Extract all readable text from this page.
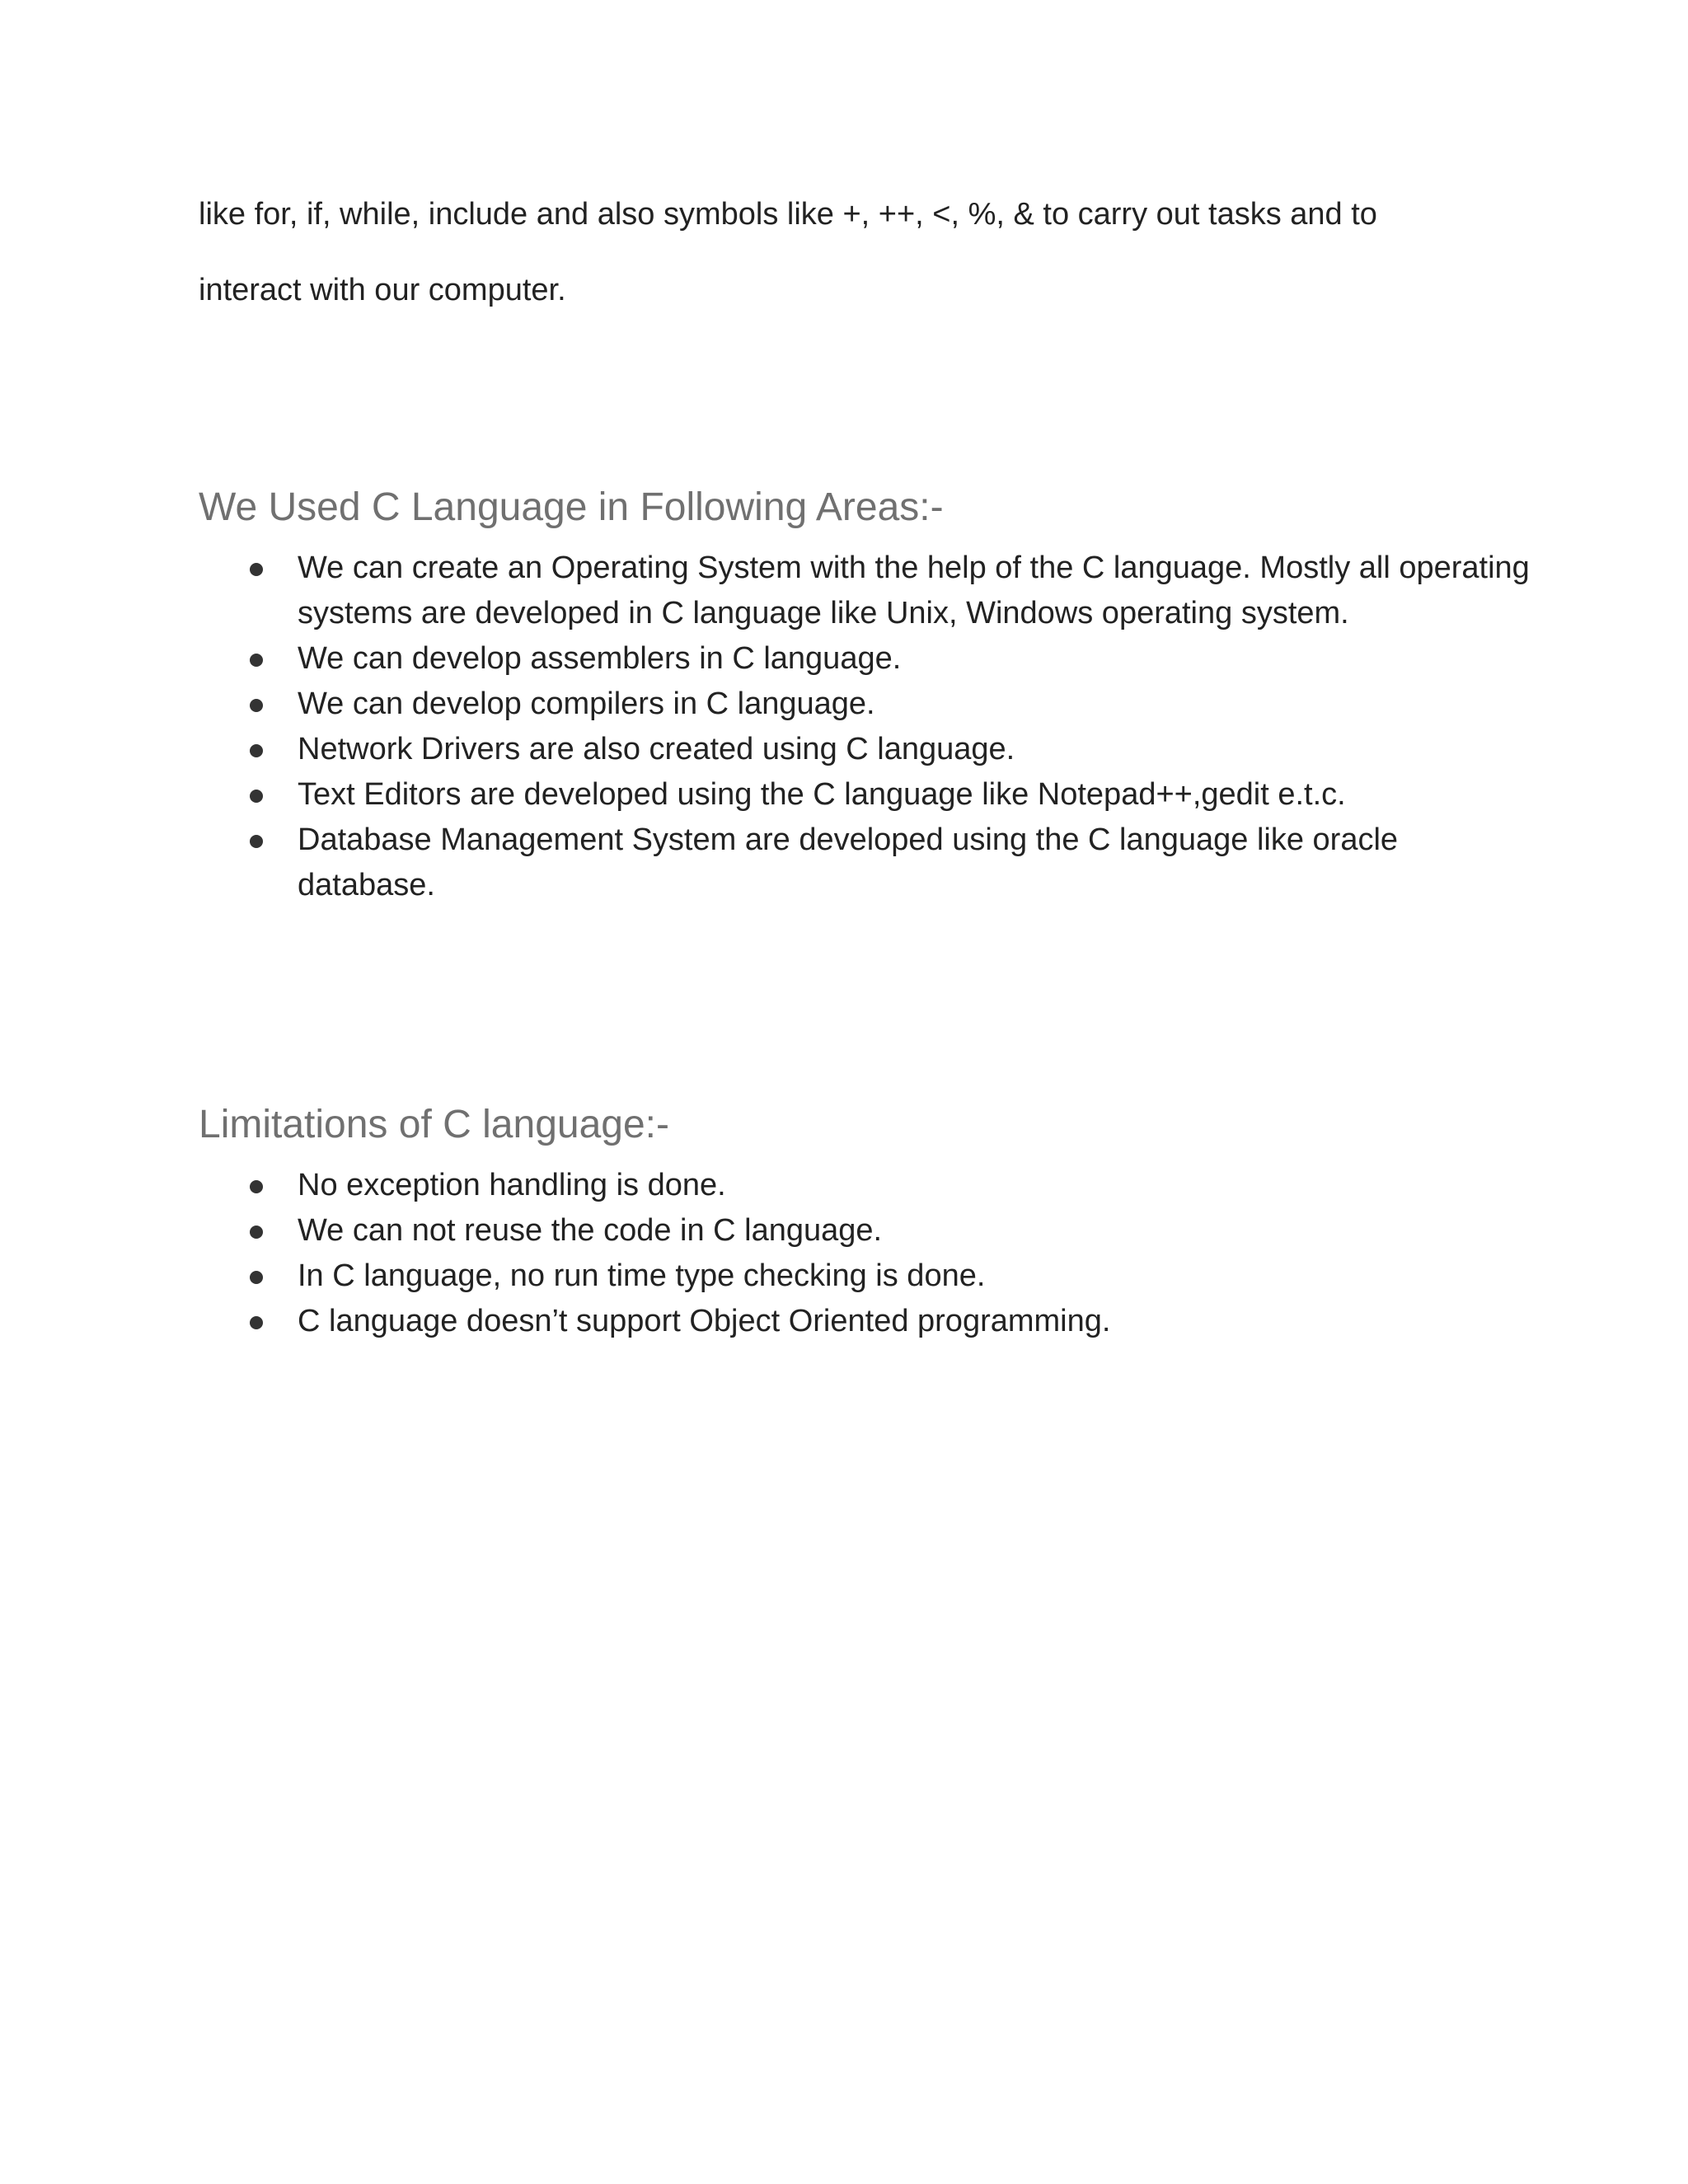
like for, if, while, include and also symbols like +, ++, <, %, & to carry out tasks and to

interact with our computer.

We Used C Language in Following Areas:-
We can create an Operating System with the help of the C language. Mostly all operating systems are developed in C language like Unix, Windows operating system.
We can develop assemblers in C language.
We can develop compilers in C language.
Network Drivers are also created using C language.
Text Editors are developed using the C language like Notepad++,gedit e.t.c.
Database Management System are developed using the C language like oracle database.
Limitations of C language:-
No exception handling is done.
We can not reuse the code in C language.
In C language, no run time type checking is done.
C language doesn’t support Object Oriented programming.
